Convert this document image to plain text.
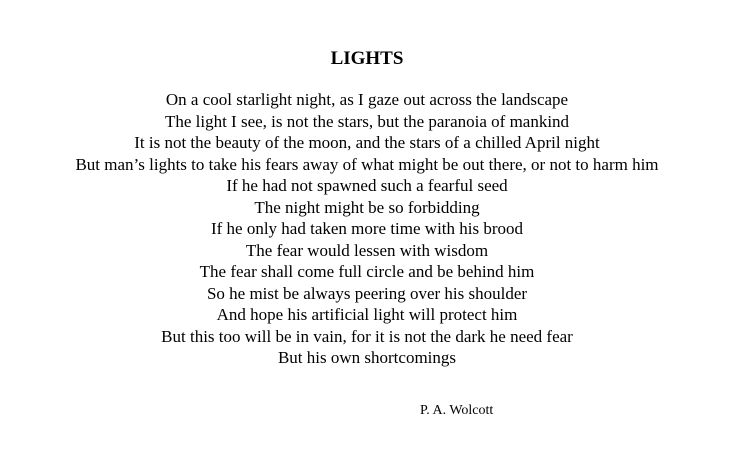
LIGHTS
On a cool starlight night, as I gaze out across the landscape
The light I see, is not the stars, but the paranoia of mankind
It is not the beauty of the moon, and the stars of a chilled April night
But man’s lights to take his fears away of what might be out there, or not to harm him
If he had not spawned such a fearful seed
The night might be so forbidding
If he only had taken more time with his brood
The fear would lessen with wisdom
The fear shall come full circle and be behind him
So he mist be always peering over his shoulder
And hope his artificial light will protect him
But this too will be in vain, for it is not the dark he need fear
But his own shortcomings
P. A. Wolcott
